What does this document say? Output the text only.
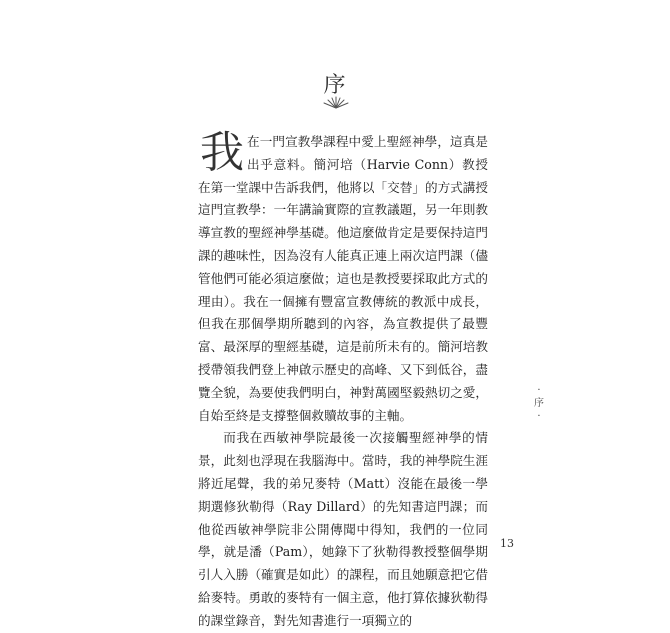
序

我在一門宣教學課程中愛上聖經神學，這真是出乎意料。簡河培（Harvie Conn）教授在第一堂課中告訴我們，他將以「交替」的方式講授這門宣教學：一年講論實際的宣教議題，另一年則教導宣教的聖經神學基礎。他這麼做肯定是要保持這門課的趣味性，因為沒有人能真正連上兩次這門課（儘管他們可能必須這麼做；這也是教授要採取此方式的理由）。我在一個擁有豐富宣教傳統的教派中成長，但我在那個學期所聽到的內容，為宣教提供了最豐富、最深厚的聖經基礎，這是前所未有的。簡河培教授帶領我們登上神啟示歷史的高峰、又下到低谷，盡覽全貌，為要使我們明白，神對萬國堅毅熱切之愛，自始至終是支撐整個救贖故事的主軸。

而我在西敏神學院最後一次接觸聖經神學的情景，此刻也浮現在我腦海中。當時，我的神學院生涯將近尾聲，我的弟兄麥特（Matt）沒能在最後一學期選修狄勒得（Ray Dillard）的先知書這門課；而他從西敏神學院非公開傳聞中得知，我們的一位同學，就是潘（Pam），她錄下了狄勒得教授整個學期引人入勝（確實是如此）的課程，而且她願意把它借給麥特。勇敢的麥特有一個主意，他打算依據狄勒得的課堂錄音，對先知書進行一項獨立的

·
序
·
13
